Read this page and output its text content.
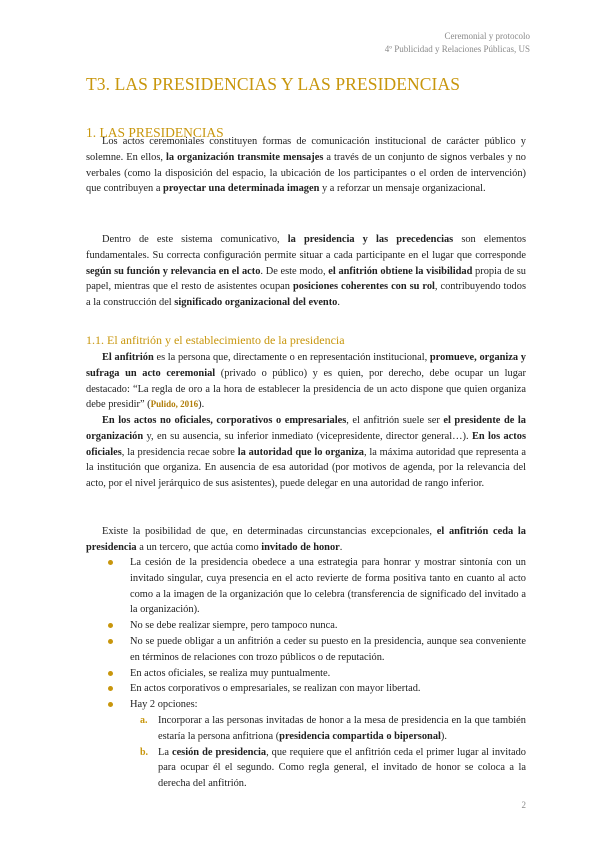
Ceremonial y protocolo
4º Publicidad y Relaciones Públicas, US
T3. LAS PRESIDENCIAS Y LAS PRESIDENCIAS
1. LAS PRESIDENCIAS

Los actos ceremoniales constituyen formas de comunicación institucional de carácter público y solemne. En ellos, la organización transmite mensajes a través de un conjunto de signos verbales y no verbales (como la disposición del espacio, la ubicación de los participantes o el orden de intervención) que contribuyen a proyectar una determinada imagen y a reforzar un mensaje organizacional.

Dentro de este sistema comunicativo, la presidencia y las precedencias son elementos fundamentales. Su correcta configuración permite situar a cada participante en el lugar que corresponde según su función y relevancia en el acto. De este modo, el anfitrión obtiene la visibilidad propia de su papel, mientras que el resto de asistentes ocupan posiciones coherentes con su rol, contribuyendo todos a la construcción del significado organizacional del evento.

1.1. El anfitrión y el establecimiento de la presidencia

El anfitrión es la persona que, directamente o en representación institucional, promueve, organiza y sufraga un acto ceremonial (privado o público) y es quien, por derecho, debe ocupar un lugar destacado: “La regla de oro a la hora de establecer la presidencia de un acto dispone que quien organiza debe presidir” (Pulido, 2016).

En los actos no oficiales, corporativos o empresariales, el anfitrión suele ser el presidente de la organización y, en su ausencia, su inferior inmediato (vicepresidente, director general…). En los actos oficiales, la presidencia recae sobre la autoridad que lo organiza, la máxima autoridad que representa a la institución que organiza. En ausencia de esa autoridad (por motivos de agenda, por la relevancia del acto, por el nivel jerárquico de sus asistentes), puede delegar en una autoridad de rango inferior.

Existe la posibilidad de que, en determinadas circunstancias excepcionales, el anfitrión ceda la presidencia a un tercero, que actúa como invitado de honor.

La cesión de la presidencia obedece a una estrategia para honrar y mostrar sintonía con un invitado singular, cuya presencia en el acto revierte de forma positiva tanto en cuanto al acto como a la imagen de la organización que lo celebra (transferencia de significado del invitado a la organización).
No se debe realizar siempre, pero tampoco nunca.
No se puede obligar a un anfitrión a ceder su puesto en la presidencia, aunque sea conveniente en términos de relaciones con trozo públicos o de reputación.
En actos oficiales, se realiza muy puntualmente.
En actos corporativos o empresariales, se realizan con mayor libertad.
Hay 2 opciones:
a. Incorporar a las personas invitadas de honor a la mesa de presidencia en la que también estaría la persona anfitriona (presidencia compartida o bipersonal).
b. La cesión de presidencia, que requiere que el anfitrión ceda el primer lugar al invitado para ocupar él el segundo. Como regla general, el invitado de honor se coloca a la derecha del anfitrión.
2
